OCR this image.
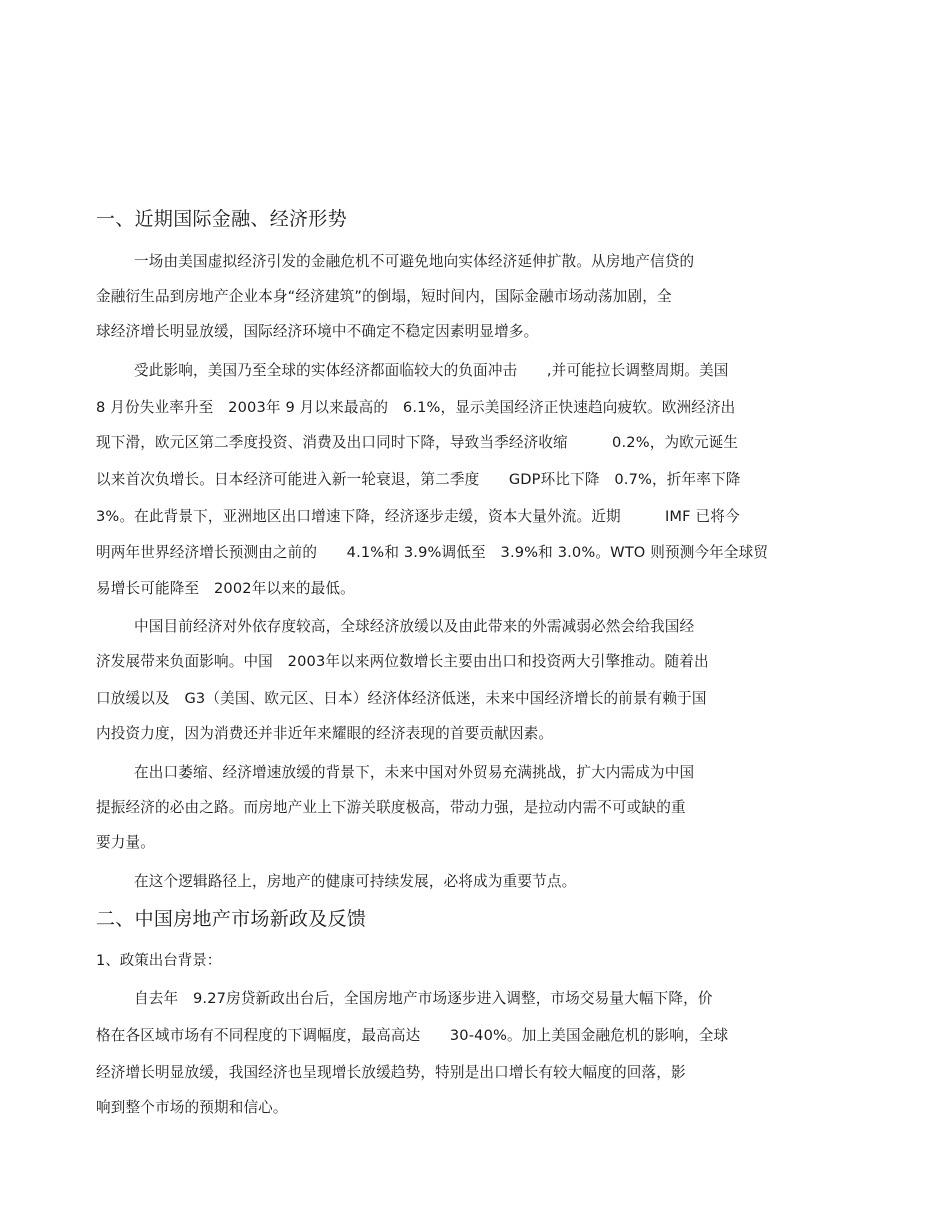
一、近期国际金融、经济形势
一场由美国虚拟经济引发的金融危机不可避免地向实体经济延伸扩散。从房地产信贷的
金融衍生品到房地产企业本身“经济建筑”的倒塌，短时间内，国际金融市场动荡加剧，全
球经济增长明显放缓，国际经济环境中不确定不稳定因素明显增多。
受此影响，美国乃至全球的实体经济都面临较大的负面冲击　　,并可能拉长调整周期。美国
8 月份失业率升至　2003年 9 月以来最高的　6.1%，显示美国经济正快速趋向疲软。欧洲经济出
现下滑，欧元区第二季度投资、消费及出口同时下降，导致当季经济收缩　　　0.2%，为欧元诞生
以来首次负增长。日本经济可能进入新一轮衰退，第二季度　　GDP环比下降　0.7%，折年率下降
3%。在此背景下，亚洲地区出口增速下降，经济逐步走缓，资本大量外流。近期　　　IMF 已将今
明两年世界经济增长预测由之前的　　4.1%和 3.9%调低至　3.9%和 3.0%。WTO 则预测今年全球贸
易增长可能降至　2002年以来的最低。
中国目前经济对外依存度较高，全球经济放缓以及由此带来的外需减弱必然会给我国经
济发展带来负面影响。中国　2003年以来两位数增长主要由出口和投资两大引擎推动。随着出
口放缓以及　G3（美国、欧元区、日本）经济体经济低迷，未来中国经济增长的前景有赖于国
内投资力度，因为消费还并非近年来耀眼的经济表现的首要贡献因素。
在出口萎缩、经济增速放缓的背景下，未来中国对外贸易充满挑战，扩大内需成为中国
提振经济的必由之路。而房地产业上下游关联度极高，带动力强，是拉动内需不可或缺的重
要力量。
在这个逻辑路径上，房地产的健康可持续发展，必将成为重要节点。
二、中国房地产市场新政及反馈
1、政策出台背景：
自去年　9.27房贷新政出台后，全国房地产市场逐步进入调整，市场交易量大幅下降，价
格在各区域市场有不同程度的下调幅度，最高高达　　30-40%。加上美国金融危机的影响，全球
经济增长明显放缓，我国经济也呈现增长放缓趋势，特别是出口增长有较大幅度的回落，影
响到整个市场的预期和信心。
